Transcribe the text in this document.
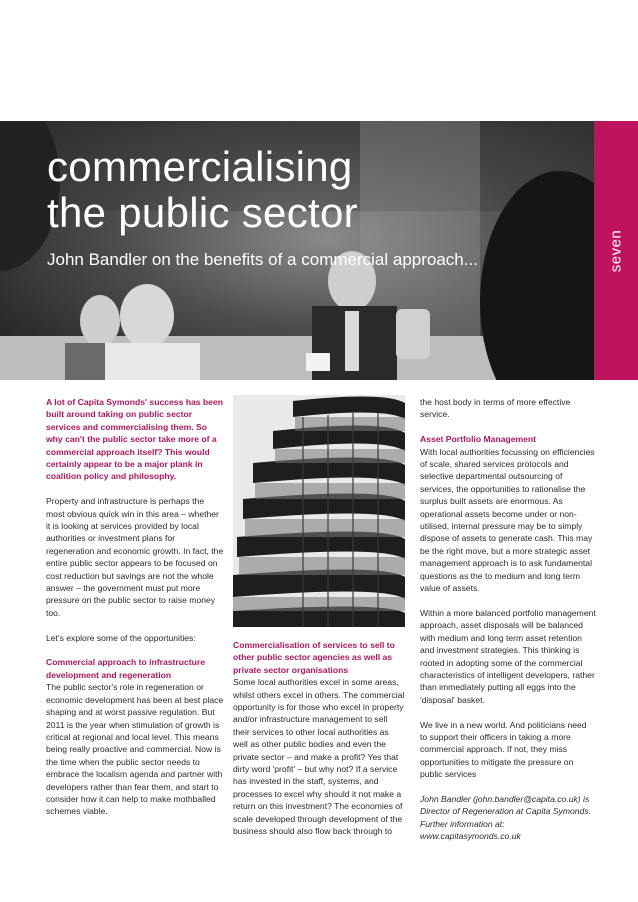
commercialising
the public sector

John Bandler on the benefits of a commercial approach...	seven

A lot of Capita Symonds' success has been built around taking on public sector services and commercialising them. So why can't the public sector take more of a commercial approach itself? This would certainly appear to be a major plank in coalition policy and philosophy.

Property and infrastructure is perhaps the most obvious quick win in this area – whether it is looking at services provided by local authorities or investment plans for regeneration and economic growth. In fact, the entire public sector appears to be focused on cost reduction but savings are not the whole answer – the government must put more pressure on the public sector to raise money too.

Let's explore some of the opportunities:

Commercial approach to infrastructure development and regeneration

The public sector's role in regeneration or economic development has been at best place shaping and at worst passive regulation. But 2011 is the year when stimulation of growth is critical at regional and local level. This means being really proactive and commercial. Now is the time when the public sector needs to embrace the localism agenda and partner with developers rather than fear them, and start to consider how it can help to make mothballed schemes viable.

Commercialisation of services to sell to other public sector agencies as well as private sector organisations

Some local authorities excel in some areas, whilst others excel in others. The commercial opportunity is for those who excel in property and/or infrastructure management to sell their services to other local authorities as well as other public bodies and even the private sector – and make a profit? Yes that dirty word 'profit' – but why not? If a service has invested in the staff, systems, and processes to excel why should it not make a return on this investment? The economies of scale developed through development of the business should also flow back through to

the host body in terms of more effective service.

Asset Portfolio Management

With local authorities focussing on efficiencies of scale, shared services protocols and selective departmental outsourcing of services, the opportunities to rationalise the surplus built assets are enormous. As operational assets become under or non-utilised, internal pressure may be to simply dispose of assets to generate cash. This may be the right move, but a more strategic asset management approach is to ask fundamental questions as the to medium and long term value of assets.

Within a more balanced portfolio management approach, asset disposals will be balanced with medium and long term asset retention and investment strategies. This thinking is rooted in adopting some of the commercial characteristics of intelligent developers, rather than immediately putting all eggs into the 'disposal' basket.

We live in a new world. And politicians need to support their officers in taking a more commercial approach. If not, they miss opportunities to mitigate the pressure on public services

John Bandler (john.bandler@capita.co.uk) is Director of Regeneration at Capita Symonds. Further information at: www.capitasymonds.co.uk
